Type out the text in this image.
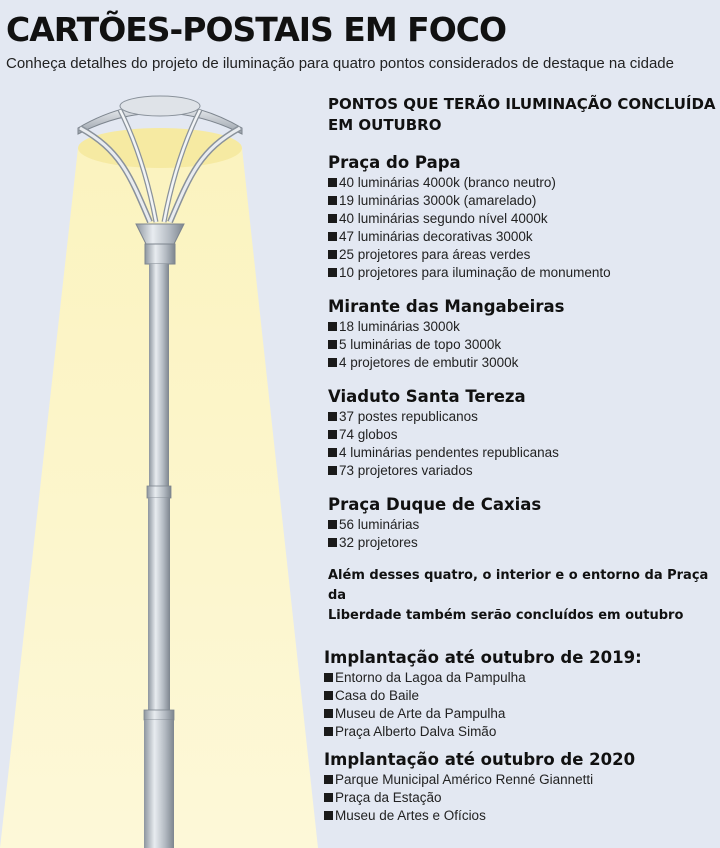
CARTÕES-POSTAIS EM FOCO
Conheça detalhes do projeto de iluminação para quatro pontos considerados de destaque na cidade
PONTOS QUE TERÃO ILUMINAÇÃO CONCLUÍDA
EM OUTUBRO
Praça do Papa
40 luminárias 4000k (branco neutro)
19 luminárias 3000k (amarelado)
40 luminárias segundo nível 4000k
47 luminárias decorativas 3000k
25 projetores para áreas verdes
10 projetores para iluminação de monumento
Mirante das Mangabeiras
18 luminárias 3000k
5 luminárias de topo 3000k
4 projetores de embutir 3000k
Viaduto Santa Tereza
37 postes republicanos
74 globos
4 luminárias pendentes republicanas
73 projetores variados
Praça Duque de Caxias
56 luminárias
32 projetores
Além desses quatro, o interior e o entorno da Praça da
Liberdade também serão concluídos em outubro
Implantação até outubro de 2019:
Entorno da Lagoa da Pampulha
Casa do Baile
Museu de Arte da Pampulha
Praça Alberto Dalva Simão
Implantação até outubro de 2020
Parque Municipal Américo Renné Giannetti
Praça da Estação
Museu de Artes e Ofícios
